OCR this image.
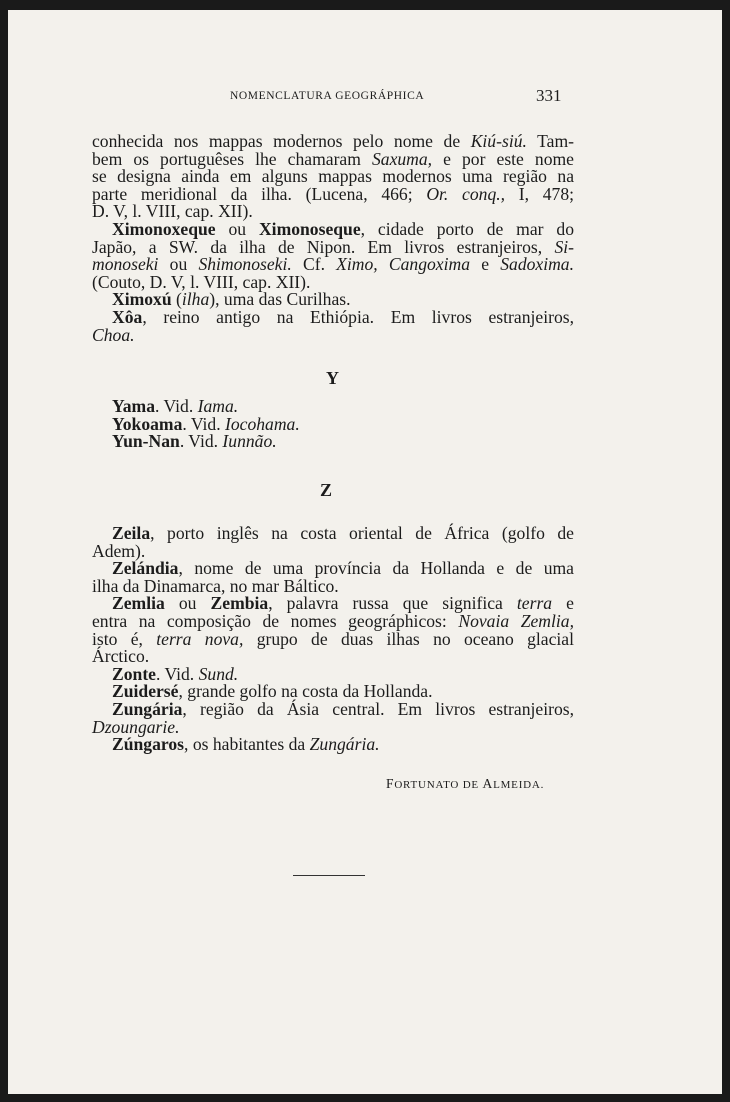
NOMENCLATURA GEOGRÁPHICA	331
conhecida nos mappas modernos pelo nome de Kiú-siú. Tam-
bem os portuguêses lhe chamaram Saxuma, e por este nome
se designa ainda em alguns mappas modernos uma região na
parte meridional da ilha. (Lucena, 466; Or. conq., I, 478;
D. V, l. VIII, cap. XII).
Ximonoxeque ou Ximonoseque, cidade porto de mar do
Japão, a SW. da ilha de Nipon. Em livros estranjeiros, Si-
monoseki ou Shimonoseki. Cf. Ximo, Cangoxima e Sadoxima.
(Couto, D. V, l. VIII, cap. XII).
Ximoxú (ilha), uma das Curilhas.
Xôa, reino antigo na Ethiópia. Em livros estranjeiros,
Choa.
Y
Yama. Vid. Iama.
Yokoama. Vid. Iocohama.
Yun-Nan. Vid. Iunnão.
Z
Zeila, porto inglês na costa oriental de África (golfo de
Adem).
Zelándia, nome de uma província da Hollanda e de uma
ilha da Dinamarca, no mar Báltico.
Zemlia ou Zembia, palavra russa que significa terra e
entra na composição de nomes geográphicos: Novaia Zemlia,
isto é, terra nova, grupo de duas ilhas no oceano glacial
Árctico.
Zonte. Vid. Sund.
Zuidersé, grande golfo na costa da Hollanda.
Zungária, região da Ásia central. Em livros estranjeiros,
Dzoungarie.
Zúngaros, os habitantes da Zungária.
FORTUNATO DE ALMEIDA.
